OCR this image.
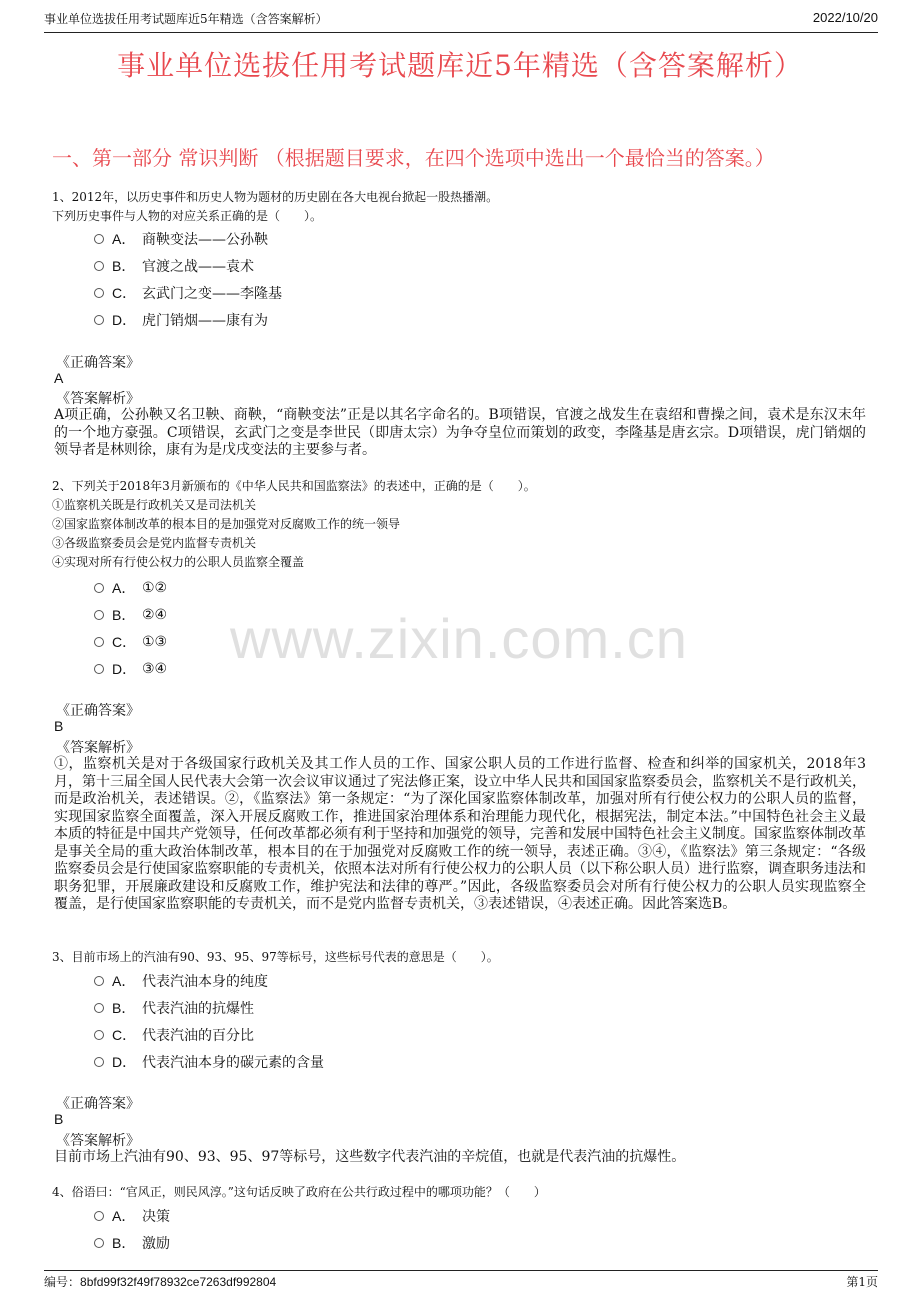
事业单位选拔任用考试题库近5年精选（含答案解析）	2022/10/20
事业单位选拔任用考试题库近5年精选（含答案解析）
一、第一部分 常识判断 （根据题目要求，在四个选项中选出一个最恰当的答案。）
www.zixin.com.cn

1、2012年，以历史事件和历史人物为题材的历史剧在各大电视台掀起一股热播潮。

下列历史事件与人物的对应关系正确的是（　　）。

A． 商鞅变法——公孙鞅
B． 官渡之战——袁术
C． 玄武门之变——李隆基
D． 虎门销烟——康有为
《正确答案》
A
《答案解析》
A项正确，公孙鞅又名卫鞅、商鞅，“商鞅变法”正是以其名字命名的。B项错误，官渡之战发生在袁绍和曹操之间，袁术是东汉末年的一个地方豪强。C项错误，玄武门之变是李世民（即唐太宗）为争夺皇位而策划的政变，李隆基是唐玄宗。D项错误，虎门销烟的领导者是林则徐，康有为是戊戌变法的主要参与者。

2、下列关于2018年3月新颁布的《中华人民共和国监察法》的表述中，正确的是（　　）。

①监察机关既是行政机关又是司法机关

②国家监察体制改革的根本目的是加强党对反腐败工作的统一领导

③各级监察委员会是党内监督专责机关

④实现对所有行使公权力的公职人员监察全覆盖

A． ①②
B． ②④
C． ①③
D． ③④
《正确答案》
B
《答案解析》
①，监察机关是对于各级国家行政机关及其工作人员的工作、国家公职人员的工作进行监督、检查和纠举的国家机关，2018年3月，第十三届全国人民代表大会第一次会议审议通过了宪法修正案，设立中华人民共和国国家监察委员会，监察机关不是行政机关，而是政治机关，表述错误。②，《监察法》第一条规定：“为了深化国家监察体制改革，加强对所有行使公权力的公职人员的监督，实现国家监察全面覆盖，深入开展反腐败工作，推进国家治理体系和治理能力现代化，根据宪法，制定本法。”中国特色社会主义最本质的特征是中国共产党领导，任何改革都必须有利于坚持和加强党的领导，完善和发展中国特色社会主义制度。国家监察体制改革是事关全局的重大政治体制改革，根本目的在于加强党对反腐败工作的统一领导，表述正确。③④，《监察法》第三条规定：“各级监察委员会是行使国家监察职能的专责机关，依照本法对所有行使公权力的公职人员（以下称公职人员）进行监察，调查职务违法和职务犯罪，开展廉政建设和反腐败工作，维护宪法和法律的尊严。”因此，各级监察委员会对所有行使公权力的公职人员实现监察全覆盖，是行使国家监察职能的专责机关，而不是党内监督专责机关，③表述错误，④表述正确。因此答案选B。

3、目前市场上的汽油有90、93、95、97等标号，这些标号代表的意思是（　　）。

A． 代表汽油本身的纯度
B． 代表汽油的抗爆性
C． 代表汽油的百分比
D． 代表汽油本身的碳元素的含量
《正确答案》
B
《答案解析》
目前市场上汽油有90、93、95、97等标号，这些数字代表汽油的辛烷值，也就是代表汽油的抗爆性。

4、俗语曰：“官风正，则民风淳。”这句话反映了政府在公共行政过程中的哪项功能？（　　）

A． 决策
B． 激励
编号：8bfd99f32f49f78932ce7263df992804	第1页
